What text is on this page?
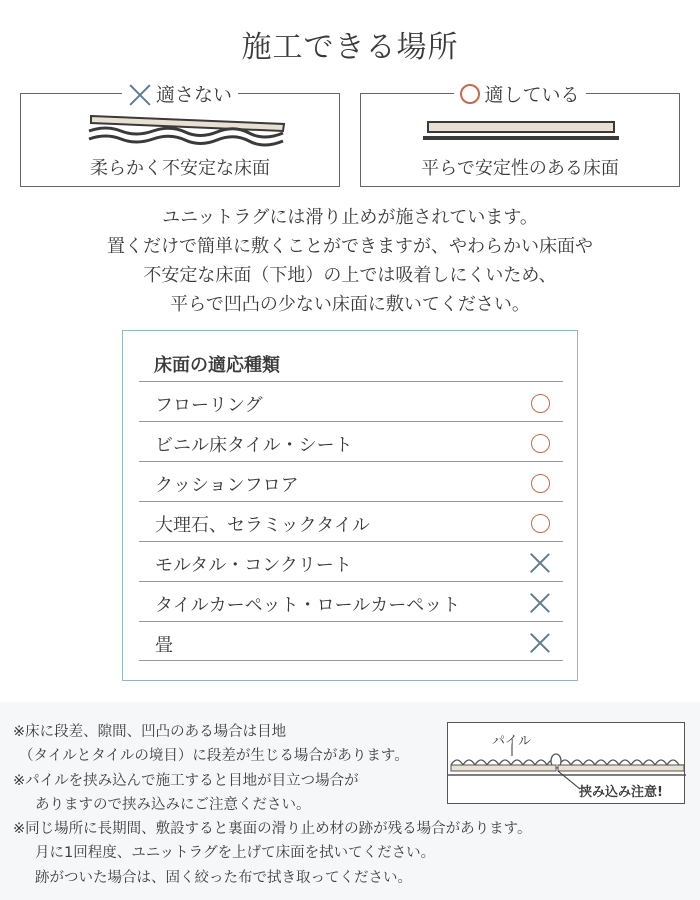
施工できる場所
適さない
柔らかく不安定な床面
適している
平らで安定性のある床面
ユニットラグには滑り止めが施されています。
置くだけで簡単に敷くことができますが、やわらかい床面や
不安定な床面（下地）の上では吸着しにくいため、
平らで凹凸の少ない床面に敷いてください。
床面の適応種類
フローリング
ビニル床タイル・シート
クッションフロア
大理石、セラミックタイル
モルタル・コンクリート
タイルカーペット・ロールカーペット
畳
※床に段差、隙間、凹凸のある場合は目地
（タイルとタイルの境目）に段差が生じる場合があります。
※パイルを挟み込んで施工すると目地が目立つ場合が
ありますので挟み込みにご注意ください。
※同じ場所に長期間、敷設すると裏面の滑り止め材の跡が残る場合があります。
月に1回程度、ユニットラグを上げて床面を拭いてください。
跡がついた場合は、固く絞った布で拭き取ってください。
パイル
挟み込み注意!
